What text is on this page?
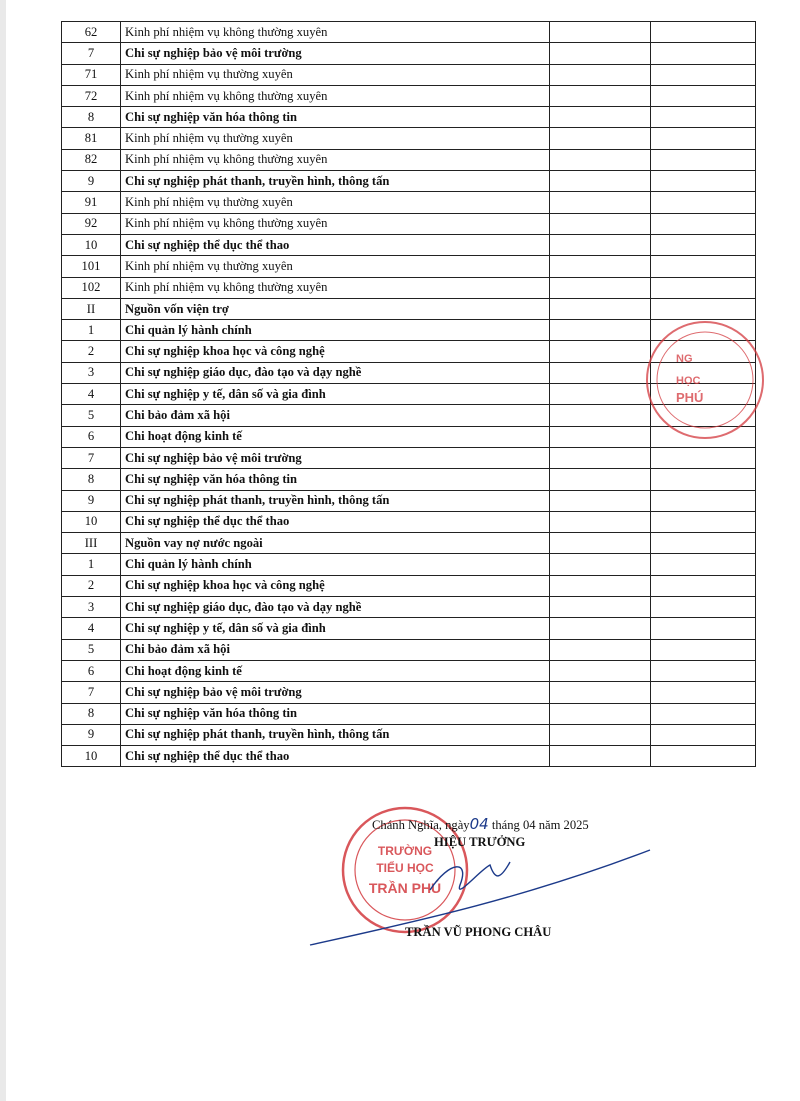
62	Kinh phí nhiệm vụ không thường xuyên		
7	Chi sự nghiệp bảo vệ môi trường		
71	Kinh phí nhiệm vụ thường xuyên		
72	Kinh phí nhiệm vụ không thường xuyên		
8	Chi sự nghiệp văn hóa thông tin		
81	Kinh phí nhiệm vụ thường xuyên		
82	Kinh phí nhiệm vụ không thường xuyên		
9	Chi sự nghiệp phát thanh, truyền hình, thông tấn		
91	Kinh phí nhiệm vụ thường xuyên		
92	Kinh phí nhiệm vụ không thường xuyên		
10	Chi sự nghiệp thể dục thể thao		
101	Kinh phí nhiệm vụ thường xuyên		
102	Kinh phí nhiệm vụ không thường xuyên		
II	Nguồn vốn viện trợ		
1	Chi quản lý hành chính		
2	Chi sự nghiệp khoa học và công nghệ		
3	Chi sự nghiệp giáo dục, đào tạo và dạy nghề		
4	Chi sự nghiệp y tế, dân số và gia đình		
5	Chi bảo đảm xã hội		
6	Chi hoạt động kinh tế		
7	Chi sự nghiệp bảo vệ môi trường		
8	Chi sự nghiệp văn hóa thông tin		
9	Chi sự nghiệp phát thanh, truyền hình, thông tấn		
10	Chi sự nghiệp thể dục thể thao		
III	Nguồn vay nợ nước ngoài		
1	Chi quản lý hành chính		
2	Chi sự nghiệp khoa học và công nghệ		
3	Chi sự nghiệp giáo dục, đào tạo và dạy nghề		
4	Chi sự nghiệp y tế, dân số và gia đình		
5	Chi bảo đảm xã hội		
6	Chi hoạt động kinh tế		
7	Chi sự nghiệp bảo vệ môi trường		
8	Chi sự nghiệp văn hóa thông tin		
9	Chi sự nghiệp phát thanh, truyền hình, thông tấn		
10	Chi sự nghiệp thể dục thể thao		
NG
HỌC
PHÚ
TRƯỜNG
TIỂU HỌC
TRẦN PHÚ
Chánh Nghĩa, ngày04 tháng 04 năm 2025
HIỆU TRƯỞNG
TRẦN VŨ PHONG CHÂU
